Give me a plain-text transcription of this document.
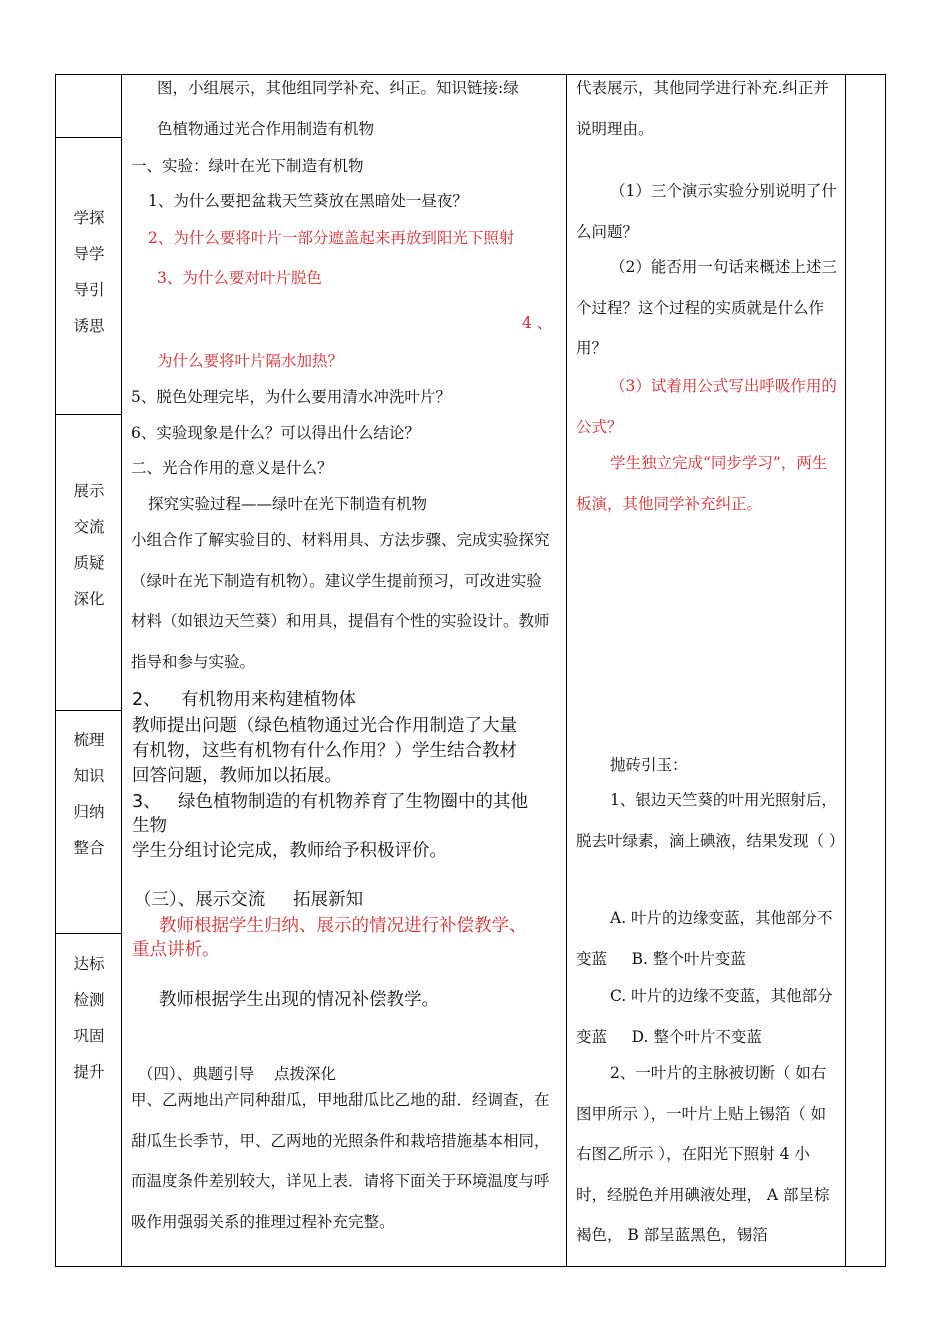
学探
导学
导引
诱思
展示
交流
质疑
深化
梳理
知识
归纳
整合
达标
检测
巩固
提升
图，小组展示，其他组同学补充、纠正。知识链接:绿
色植物通过光合作用制造有机物
一、实验：绿叶在光下制造有机物
1、为什么要把盆栽天竺葵放在黑暗处一昼夜？
2、为什么要将叶片一部分遮盖起来再放到阳光下照射
3、为什么要对叶片脱色
4 、
为什么要将叶片隔水加热？
5、脱色处理完毕，为什么要用清水冲洗叶片？
6、实验现象是什么？可以得出什么结论？
二、光合作用的意义是什么？
探究实验过程——绿叶在光下制造有机物
小组合作了解实验目的、材料用具、方法步骤、完成实验探究（绿叶在光下制造有机物）。建议学生提前预习，可改进实验材料（如银边天竺葵）和用具，提倡有个性的实验设计。教师指导和参与实验。
2、 有机物用来构建植物体
教师提出问题（绿色植物通过光合作用制造了大量
有机物，这些有机物有什么作用？）学生结合教材
回答问题，教师加以拓展。
3、 绿色植物制造的有机物养育了生物圈中的其他
生物
学生分组讨论完成，教师给予积极评价。
（三）、展示交流     拓展新知
教师根据学生归纳、展示的情况进行补偿教学、
重点讲析。
教师根据学生出现的情况补偿教学。
（四）、典题引导    点拨深化
甲、乙两地出产同种甜瓜，甲地甜瓜比乙地的甜．经调查，在甜瓜生长季节，甲、乙两地的光照条件和栽培措施基本相同，而温度条件差别较大，详见上表．请将下面关于环境温度与呼吸作用强弱关系的推理过程补充完整。
代表展示，其他同学进行补充.纠正并说明理由。
（1）三个演示实验分别说明了什么问题？
（2）能否用一句话来概述上述三个过程？这个过程的实质就是什么作用？
（3）试着用公式写出呼吸作用的公式？
学生独立完成“同步学习”，两生板演，其他同学补充纠正。
抛砖引玉：
1、银边天竺葵的叶用光照射后，脱去叶绿素，滴上碘液，结果发现（ ）
A. 叶片的边缘变蓝，其他部分不变蓝     B. 整个叶片变蓝
C. 叶片的边缘不变蓝，其他部分变蓝     D. 整个叶片不变蓝
2、一叶片的主脉被切断（ 如右图甲所示 ），一叶片上贴上锡箔（ 如右图乙所示 ），在阳光下照射 4 小时，经脱色并用碘液处理， A 部呈棕褐色， B 部呈蓝黑色，锡箔
